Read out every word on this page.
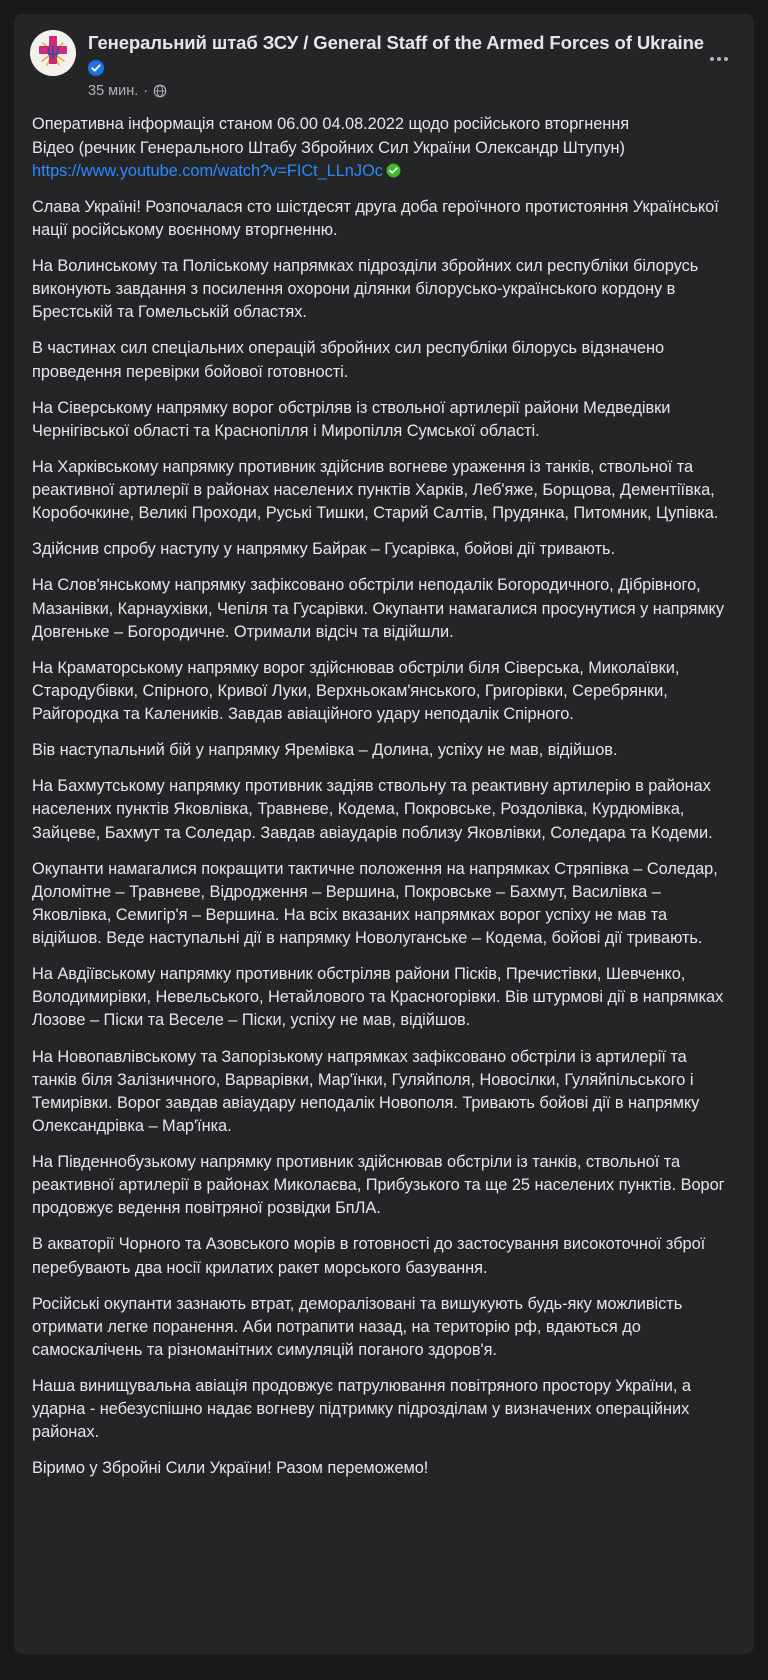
Генеральний штаб ЗСУ / General Staff of the Armed Forces of Ukraine
35 мин. ·

Оперативна інформація станом 06.00 04.08.2022 щодо російського вторгнення

Відео (речник Генерального Штабу Збройних Сил України Олександр Штупун)

https://www.youtube.com/watch?v=FICt_LLnJOc

Слава Україні! Розпочалася сто шістдесят друга доба героїчного протистояння Української нації російському воєнному вторгненню.

На Волинському та Поліському напрямках підрозділи збройних сил республіки білорусь виконують завдання з посилення охорони ділянки білорусько-українського кордону в Брестській та Гомельській областях.

В частинах сил спеціальних операцій збройних сил республіки білорусь відзначено проведення перевірки бойової готовності.

На Сіверському напрямку ворог обстріляв із ствольної артилерії райони Медведівки Чернігівської області та Краснопілля і Миропілля Сумської області.

На Харківському напрямку противник здійснив вогневе ураження із танків, ствольної та реактивної артилерії в районах населених пунктів Харків, Леб'яже, Борщова, Дементіївка, Коробочкине, Великі Проходи, Руські Тишки, Старий Салтів, Прудянка, Питомник, Цупівка.

Здійснив спробу наступу у напрямку Байрак – Гусарівка, бойові дії тривають.

На Слов'янському напрямку зафіксовано обстріли неподалік Богородичного, Дібрівного, Мазанівки, Карнаухівки, Чепіля та Гусарівки. Окупанти намагалися просунутися у напрямку Довгеньке – Богородичне. Отримали відсіч та відійшли.

На Краматорському напрямку ворог здійснював обстріли біля Сіверська, Миколаївки, Стародубівки, Спірного, Кривої Луки, Верхньокам'янського, Григорівки, Серебрянки, Райгородка та Калеників. Завдав авіаційного удару неподалік Спірного.

Вів наступальний бій у напрямку Яремівка – Долина, успіху не мав, відійшов.

На Бахмутському напрямку противник задіяв ствольну та реактивну артилерію в районах населених пунктів Яковлівка, Травневе, Кодема, Покровське, Роздолівка, Курдюмівка, Зайцеве, Бахмут та Соледар. Завдав авіаударів поблизу Яковлівки, Соледара та Кодеми.

Окупанти намагалися покращити тактичне положення на напрямках Стряпівка – Соледар, Доломітне – Травневе, Відродження – Вершина, Покровське – Бахмут, Василівка – Яковлівка, Семигір'я – Вершина. На всіх вказаних напрямках ворог успіху не мав та відійшов. Веде наступальні дії в напрямку Новолуганське – Кодема, бойові дії тривають.

На Авдіївському напрямку противник обстріляв райони Пісків, Пречистівки, Шевченко, Володимирівки, Невельського, Нетайлового та Красногорівки. Вів штурмові дії в напрямках Лозове – Піски та Веселе – Піски, успіху не мав, відійшов.

На Новопавлівському та Запорізькому напрямках зафіксовано обстріли із артилерії та танків біля Залізничного, Варварівки, Мар'їнки, Гуляйполя, Новосілки, Гуляйпільського і Темирівки. Ворог завдав авіаудару неподалік Новополя. Тривають бойові дії в напрямку Олександрівка – Мар'їнка.

На Південнобузькому напрямку противник здійснював обстріли із танків, ствольної та реактивної артилерії в районах Миколаєва, Прибузького та ще 25 населених пунктів. Ворог продовжує ведення повітряної розвідки БпЛА.

В акваторії Чорного та Азовського морів в готовності до застосування високоточної зброї перебувають два носії крилатих ракет морського базування.

Російські окупанти зазнають втрат, деморалізовані та вишукують будь-яку можливість отримати легке поранення. Аби потрапити назад, на територію рф, вдаються до самоскалічень та різноманітних симуляцій поганого здоров'я.

Наша винищувальна авіація продовжує патрулювання повітряного простору України, а ударна - небезуспішно надає вогневу підтримку підрозділам у визначених операційних районах.

Віримо у Збройні Сили України! Разом переможемо!
